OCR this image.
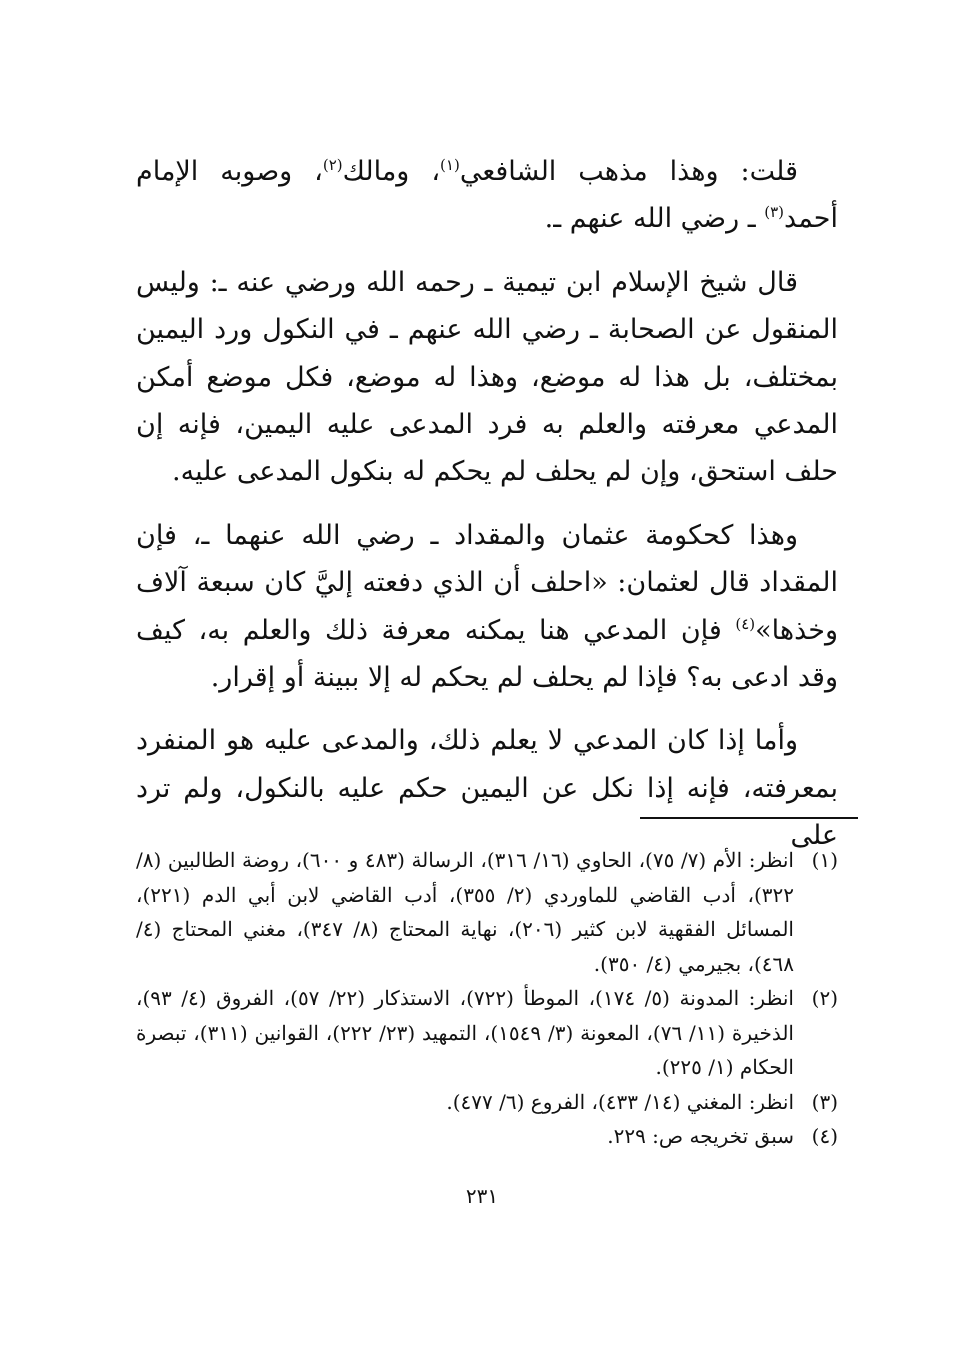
قلت: وهذا مذهب الشافعي$^{(١)}$، ومالك$^{(٢)}$، وصوبه الإمام أحمد$^{(٣)}$ ـ رضي الله عنهم ـ.

قال شيخ الإسلام ابن تيمية ـ رحمه الله ورضي عنه ـ: وليس المنقول عن الصحابة ـ رضي الله عنهم ـ في النكول ورد اليمين بمختلف، بل هذا له موضع، وهذا له موضع، فكل موضع أمكن المدعي معرفته والعلم به فرد المدعى عليه اليمين، فإنه إن حلف استحق، وإن لم يحلف لم يحكم له بنكول المدعى عليه.

وهذا كحكومة عثمان والمقداد ـ رضي الله عنهما ـ، فإن المقداد قال لعثمان: «احلف أن الذي دفعته إليَّ كان سبعة آلاف وخذها»$^{(٤)}$ فإن المدعي هنا يمكنه معرفة ذلك والعلم به، كيف وقد ادعى به؟ فإذا لم يحلف لم يحكم له إلا ببينة أو إقرار.

وأما إذا كان المدعي لا يعلم ذلك، والمدعى عليه هو المنفرد بمعرفته، فإنه إذا نكل عن اليمين حكم عليه بالنكول، ولم ترد على

(١)
انظر: الأم (٧/ ٧٥)، الحاوي (١٦/ ٣١٦)، الرسالة (٤٨٣ و ٦٠٠)، روضة الطالبين (٨/ ٣٢٢)، أدب القاضي للماوردي (٢/ ٣٥٥)، أدب القاضي لابن أبي الدم (٢٢١)، المسائل الفقهية لابن كثير (٢٠٦)، نهاية المحتاج (٨/ ٣٤٧)، مغني المحتاج (٤/ ٤٦٨)، بجيرمي (٤/ ٣٥٠).
(٢)
انظر: المدونة (٥/ ١٧٤)، الموطأ (٧٢٢)، الاستذكار (٢٢/ ٥٧)، الفروق (٤/ ٩٣)، الذخيرة (١١/ ٧٦)، المعونة (٣/ ١٥٤٩)، التمهيد (٢٣/ ٢٢٢)، القوانين (٣١١)، تبصرة الحكام (١/ ٢٢٥).
(٣)
انظر: المغني (١٤/ ٤٣٣)، الفروع (٦/ ٤٧٧).
(٤)
سبق تخريجه ص: ٢٢٩.
٢٣١
